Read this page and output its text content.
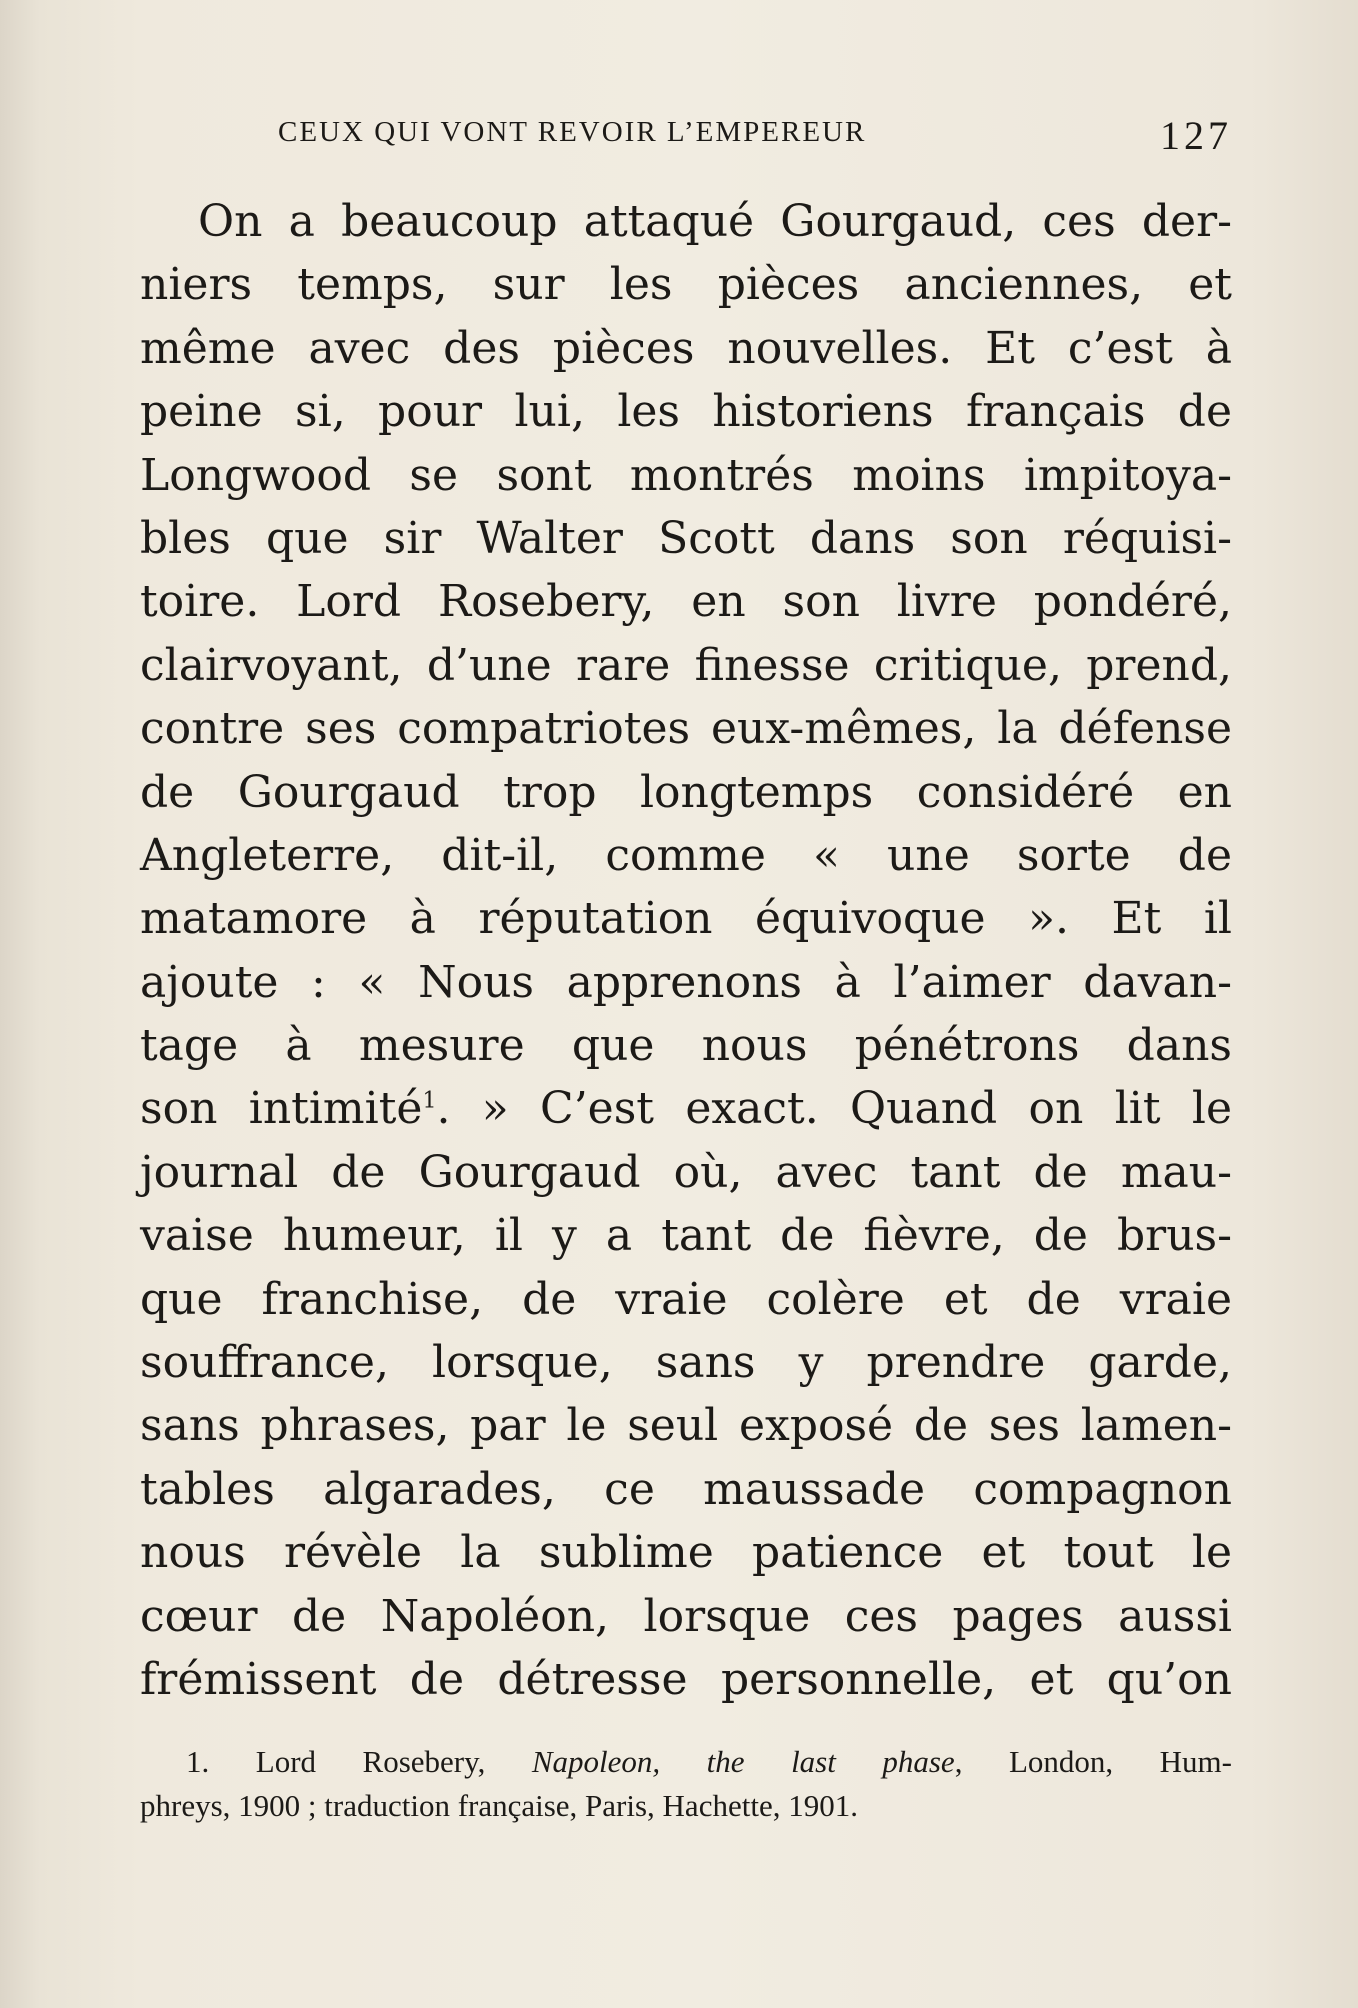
CEUX QUI VONT REVOIR L’EMPEREUR	127
On a beaucoup attaqué Gourgaud, ces der-
niers temps, sur les pièces anciennes, et
même avec des pièces nouvelles. Et c’est à
peine si, pour lui, les historiens français de
Longwood se sont montrés moins impitoya-
bles que sir Walter Scott dans son réquisi-
toire. Lord Rosebery, en son livre pondéré,
clairvoyant, d’une rare finesse critique, prend,
contre ses compatriotes eux-mêmes, la défense
de Gourgaud trop longtemps considéré en
Angleterre, dit-il, comme « une sorte de
matamore à réputation équivoque ». Et il
ajoute : « Nous apprenons à l’aimer davan-
tage à mesure que nous pénétrons dans
son intimité$^1$. » C’est exact. Quand on lit le
journal de Gourgaud où, avec tant de mau-
vaise humeur, il y a tant de fièvre, de brus-
que franchise, de vraie colère et de vraie
souffrance, lorsque, sans y prendre garde,
sans phrases, par le seul exposé de ses lamen-
tables algarades, ce maussade compagnon
nous révèle la sublime patience et tout le
cœur de Napoléon, lorsque ces pages aussi
frémissent de détresse personnelle, et qu’on
1. Lord Rosebery, Napoleon, the last phase, London, Hum-
phreys, 1900 ; traduction française, Paris, Hachette, 1901.
